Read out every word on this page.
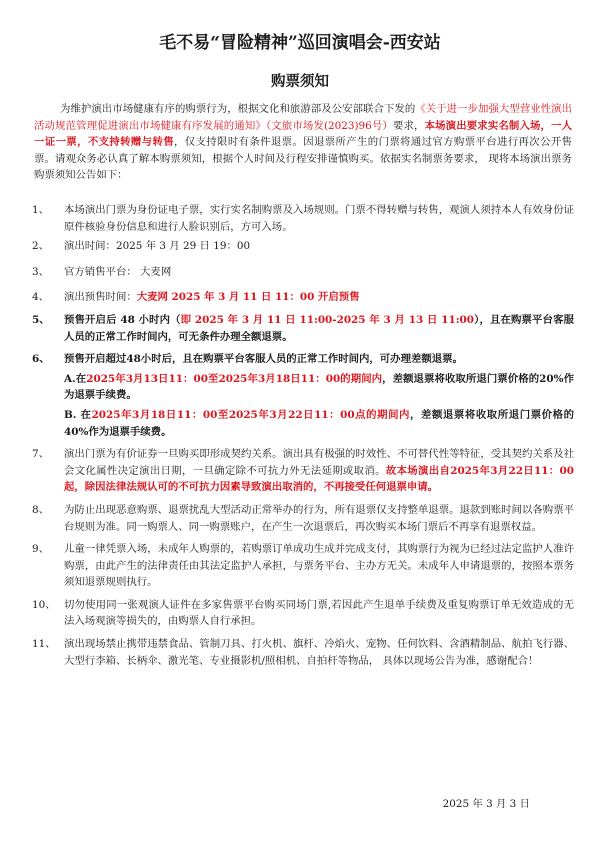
毛不易“冒险精神”巡回演唱会-西安站
购票须知
为维护演出市场健康有序的购票行为，根据文化和旅游部及公安部联合下发的《关于进一步加强大型营业性演出活动规范管理促进演出市场健康有序发展的通知》（文旅市场发(2023)96号）要求，本场演出要求实名制入场，一人一证一票，不支持转赠与转售，仅支持限时有条件退票。因退票所产生的门票将通过官方购票平台进行再次公开售票。请观众务必认真了解本购票须知，根据个人时间及行程安排谨慎购买。依据实名制票务要求， 现将本场演出票务购票须知公告如下：
1、 本场演出门票为身份证电子票，实行实名制购票及入场规则。门票不得转赠与转售，观演人须持本人有效身份证原件核验身份信息和进行人脸识别后，方可入场。
2、 演出时间：2025 年 3 月 29 日 19：00
3、 官方销售平台： 大麦网
4、 演出预售时间：大麦网 2025 年 3 月 11 日 11：00 开启预售
5、 预售开启后 48 小时内（即 2025 年 3 月 11 日 11:00-2025 年 3 月 13 日 11:00），且在购票平台客服人员的正常工作时间内，可无条件办理全额退票。
6、 预售开启超过48小时后，且在购票平台客服人员的正常工作时间内，可办理差额退票。
A.在2025年3月13日11：00至2025年3月18日11：00的期间内，差额退票将收取所退门票价格的20%作为退票手续费。
B. 在2025年3月18日11：00至2025年3月22日11：00点的期间内，差额退票将收取所退门票价格的40%作为退票手续费。
7、 演出门票为有价证券一旦购买即形成契约关系。演出具有极强的时效性、不可替代性等特征，受其契约关系及社会文化属性决定演出日期，一旦确定除不可抗力外无法延期或取消。故本场演出自2025年3月22日11：00起，除因法律法规认可的不可抗力因素导致演出取消的，不再接受任何退票申请。
8、 为防止出现恶意购票、退票扰乱大型活动正常举办的行为，所有退票仅支持整单退票。退款到账时间以各购票平台规则为准。同一购票人、同一购票账户，在产生一次退票后，再次购买本场门票后不再享有退票权益。
9、 儿童一律凭票入场，未成年人购票的，若购票订单成功生成并完成支付，其购票行为视为已经过法定监护人准许购票，由此产生的法律责任由其法定监护人承担，与票务平台、主办方无关。未成年人申请退票的，按照本票务须知退票规则执行。
10、 切勿使用同一张观演人证件在多家售票平台购买同场门票,若因此产生退单手续费及重复购票订单无效造成的无法入场观演等损失的，由购票人自行承担。
11、 演出现场禁止携带违禁食品、管制刀具、打火机、旗杆、冷焰火、宠物、任何饮料、含酒精制品、航拍飞行器、大型行李箱、长柄伞、激光笔、专业摄影机/照相机、自拍杆等物品， 具体以现场公告为准，感谢配合！
2025 年 3 月 3 日
